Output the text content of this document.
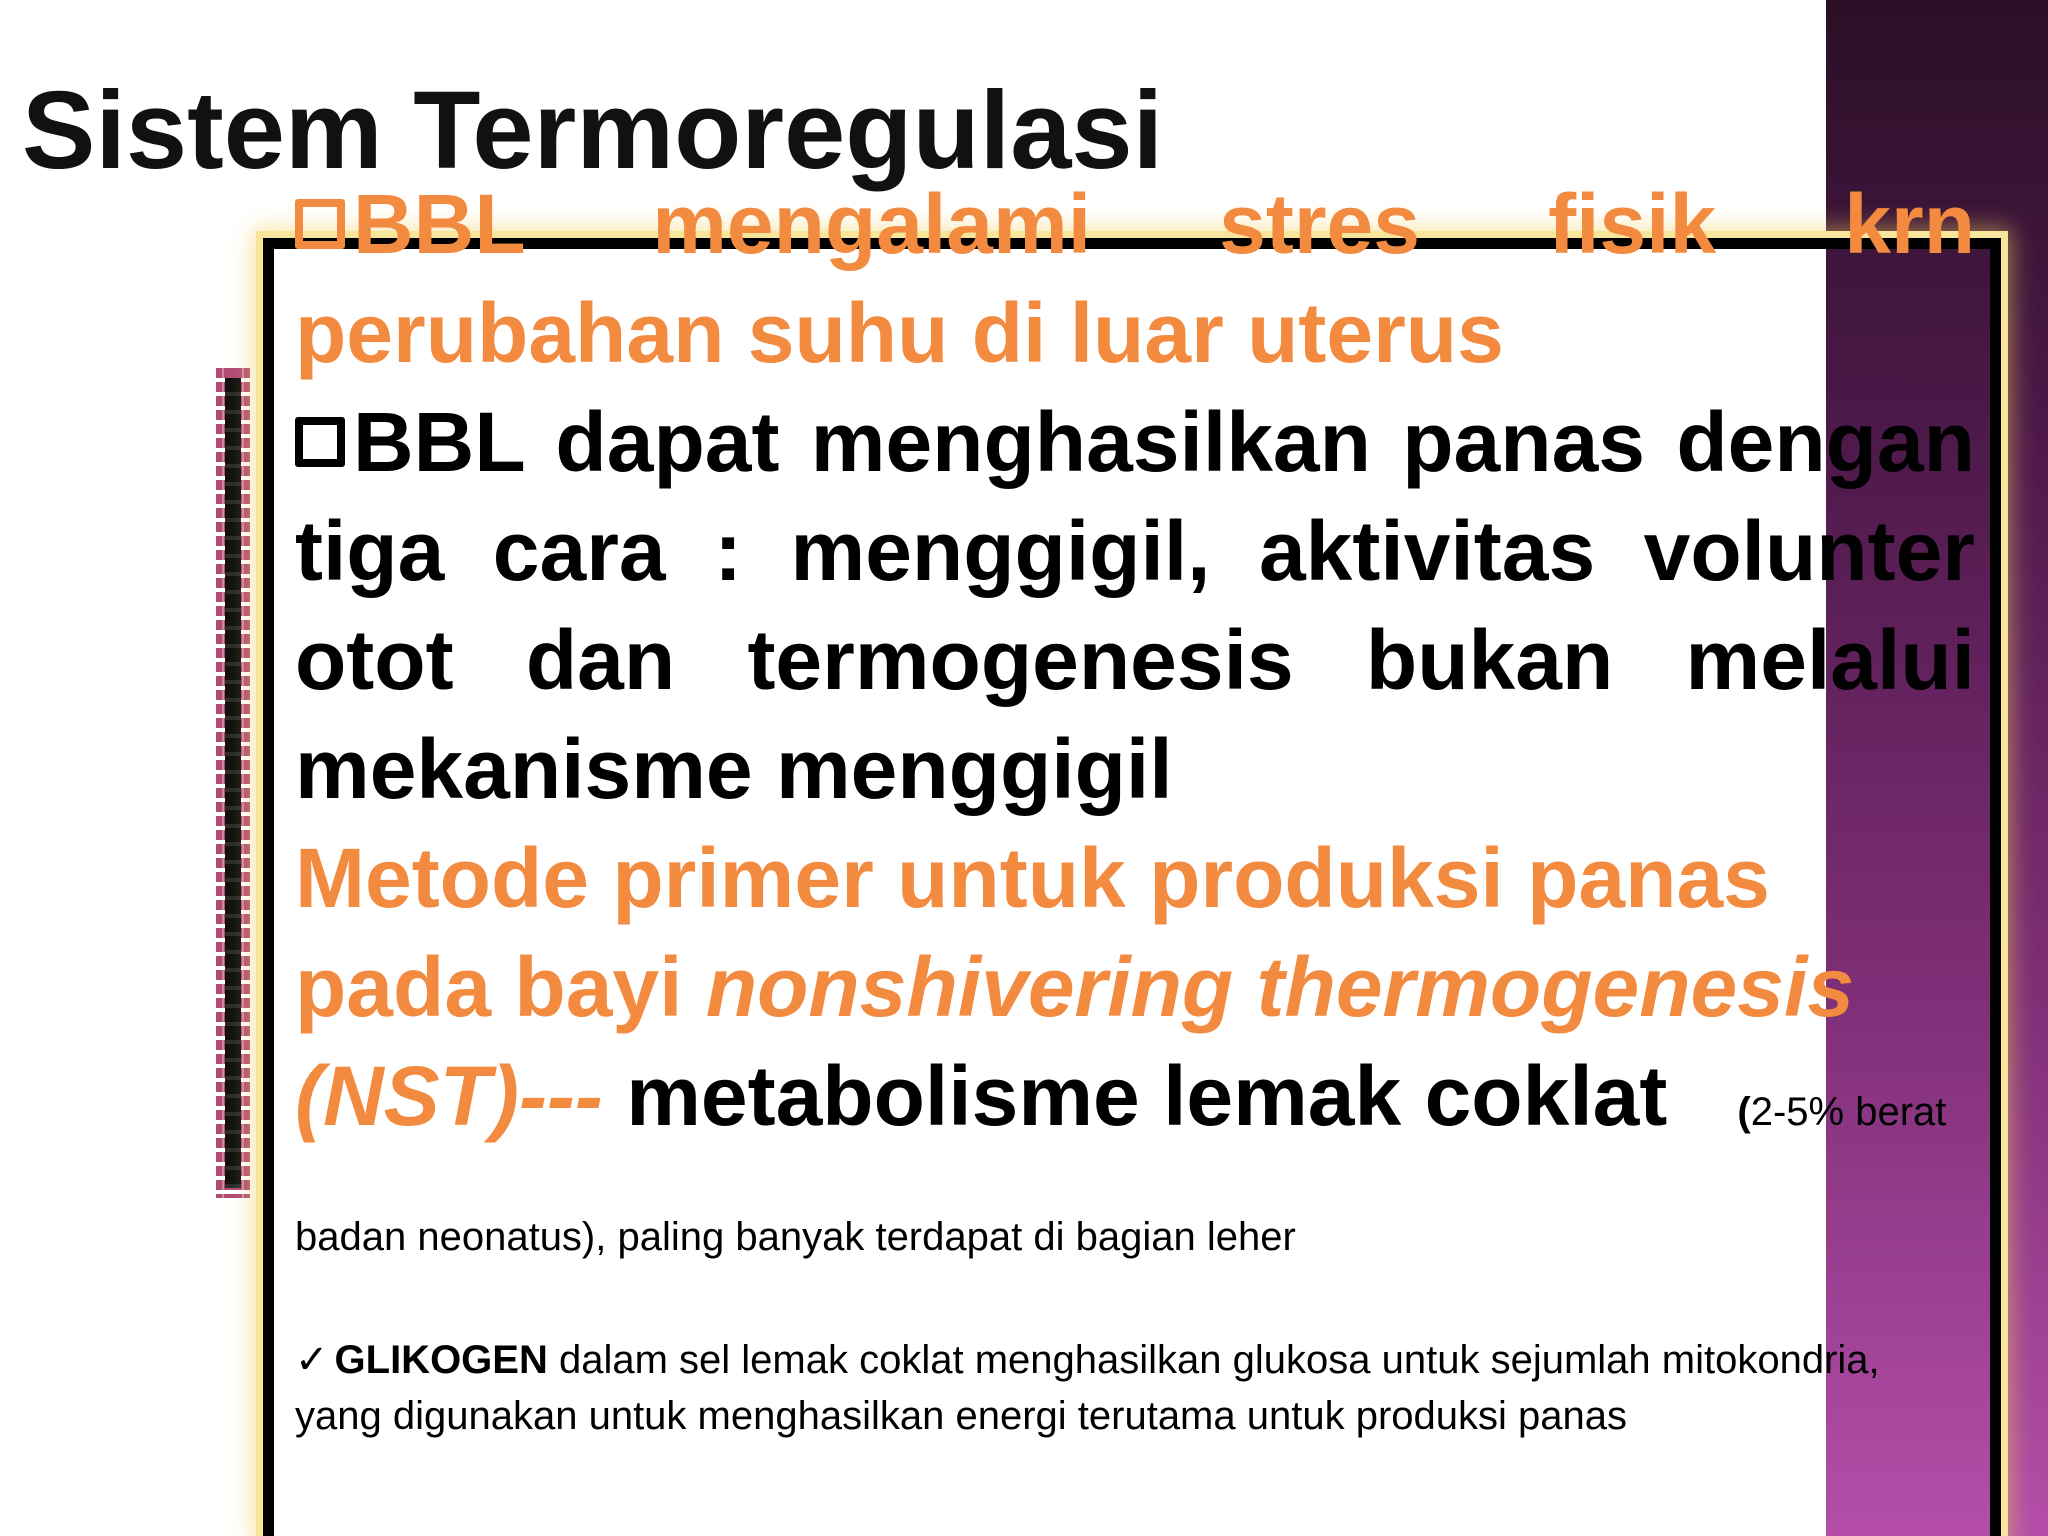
Sistem Termoregulasi

BBL mengalami stres fisik krn perubahan suhu di luar uterus

BBL dapat menghasilkan panas dengan tiga cara : menggigil, aktivitas volunter otot dan termogenesis bukan melalui mekanisme menggigil

Metode primer untuk produksi panas pada bayi nonshivering thermogenesis (NST)--- metabolisme lemak coklat (2-5% berat badan neonatus), paling banyak terdapat di bagian leher

✓ GLIKOGEN dalam sel lemak coklat menghasilkan glukosa untuk sejumlah mitokondria, yang digunakan untuk menghasilkan energi terutama untuk produksi panas
